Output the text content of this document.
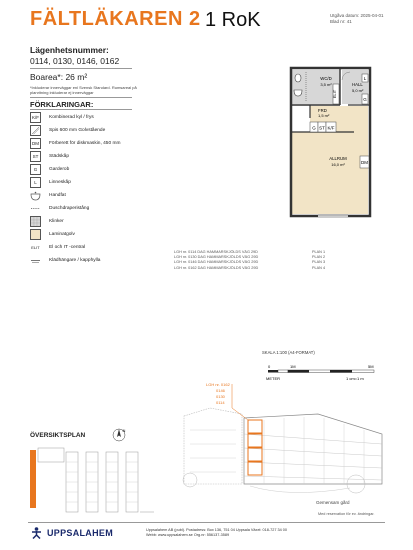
FÄLTLÄKAREN 2 1 RoK	Utgåva datum: 2025-04-01
Blad nr: 41
Lägenhetsnummer:
0114, 0130, 0146, 0162
Boarea*: 26 m²
*Inkluderar innerväggar enl Svensk Standard. Rumsareal på planritning inkluderar ej innerväggar
FÖRKLARINGAR:
K/F	Kombinerad kyl / frys
Spis 600 mm Golvstående
DM	Förberett för diskmaskin, 450 mm
ST	Städskåp
G	Garderob
L	Linneskåp
Handfat
Duschdraperistång
Klinker
Laminatgolv
ELIT El och IT -central
Klädhängare / kapphylla
ELIT
L
G
G ST K/F
DM
WC/D
3,5 m²	HALL
5,0 m²
FRD
1,5 m²
ALLRUM
16,0 m²
LGH nr. 0114 DAG HAMMARSKJÖLDS VÄG 29D	PLAN 1
LGH nr. 0130 DAG HAMMARSKJÖLDS VÄG 29D	PLAN 2
LGH nr. 0146 DAG HAMMARSKJÖLDS VÄG 29D	PLAN 3
LGH nr. 0162 DAG HAMMARSKJÖLDS VÄG 29D	PLAN 4
SKALA 1:100 (A4-FORMAT)
0	1M	5M
METER	1 cm=1 m
LGH nr. 0162
0146
0130
0114
Gemensam gård
ÖVERSIKTSPLAN
N
Med reservation för ev. ändringar.
UPPSALAHEM	Uppsalahem AB (publ). Postadress: Box 136, 751 04 Uppsala Växel: 018-727 34 00
Webb: www.uppsalahem.se Org.nr: 556137-3589
